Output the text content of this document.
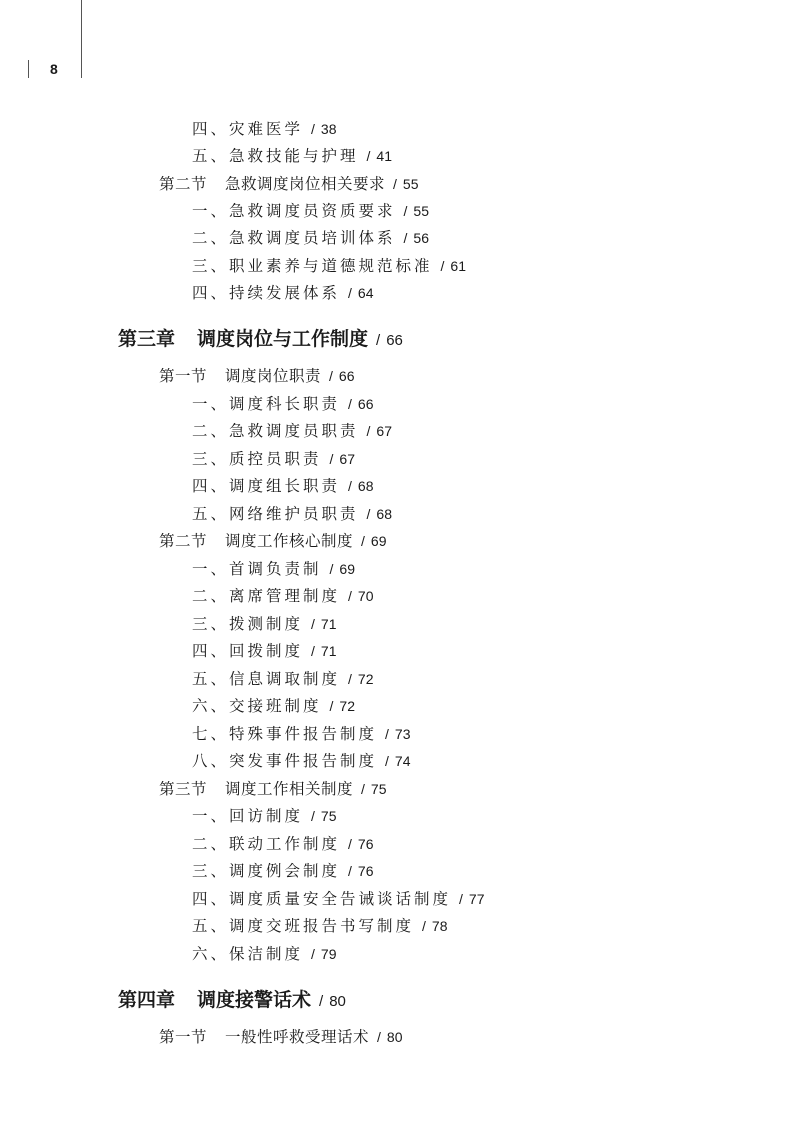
8
四、灾难医学 / 38
五、急救技能与护理 / 41
第二节 急救调度岗位相关要求 / 55
一、急救调度员资质要求 / 55
二、急救调度员培训体系 / 56
三、职业素养与道德规范标准 / 61
四、持续发展体系 / 64
第三章 调度岗位与工作制度 / 66
第一节 调度岗位职责 / 66
一、调度科长职责 / 66
二、急救调度员职责 / 67
三、质控员职责 / 67
四、调度组长职责 / 68
五、网络维护员职责 / 68
第二节 调度工作核心制度 / 69
一、首调负责制 / 69
二、离席管理制度 / 70
三、拨测制度 / 71
四、回拨制度 / 71
五、信息调取制度 / 72
六、交接班制度 / 72
七、特殊事件报告制度 / 73
八、突发事件报告制度 / 74
第三节 调度工作相关制度 / 75
一、回访制度 / 75
二、联动工作制度 / 76
三、调度例会制度 / 76
四、调度质量安全告诫谈话制度 / 77
五、调度交班报告书写制度 / 78
六、保洁制度 / 79
第四章 调度接警话术 / 80
第一节 一般性呼救受理话术 / 80
